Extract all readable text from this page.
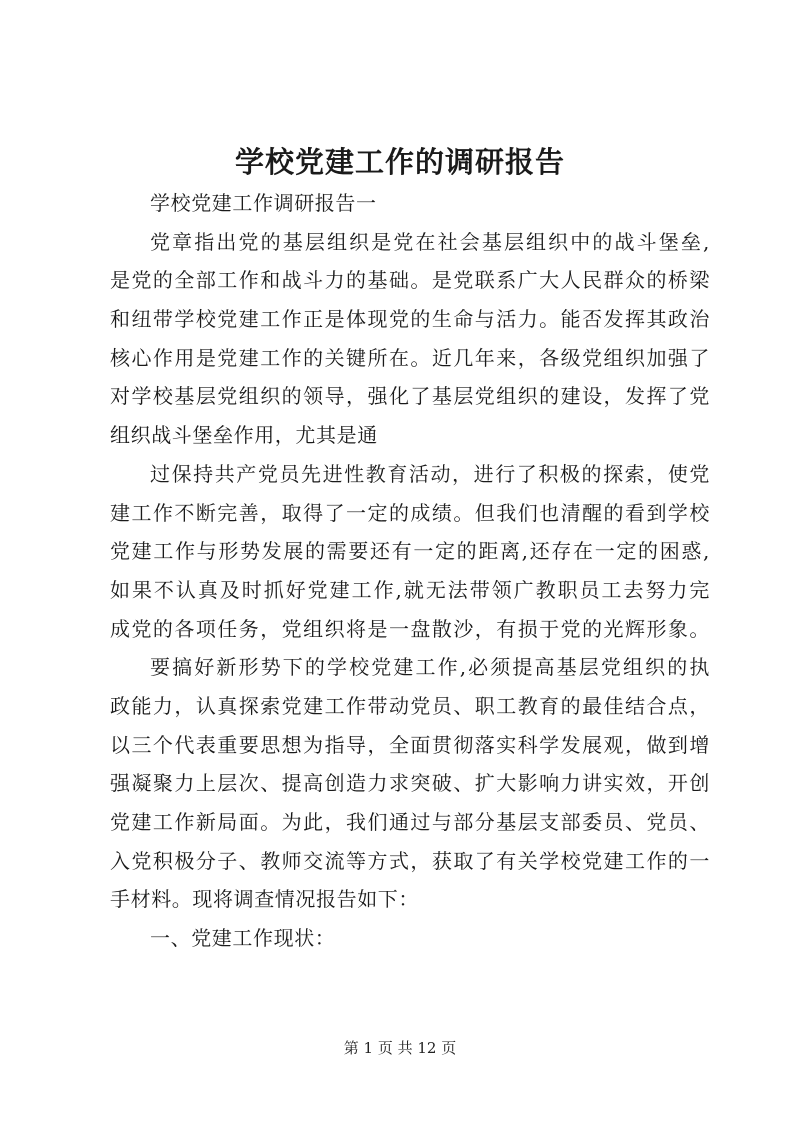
学校党建工作的调研报告
学校党建工作调研报告一
党章指出党的基层组织是党在社会基层组织中的战斗堡垒,
是党的全部工作和战斗力的基础。是党联系广大人民群众的桥梁
和纽带学校党建工作正是体现党的生命与活力。能否发挥其政治
核心作用是党建工作的关键所在。近几年来，各级党组织加强了
对学校基层党组织的领导，强化了基层党组织的建设，发挥了党
组织战斗堡垒作用，尤其是通
过保持共产党员先进性教育活动，进行了积极的探索，使党
建工作不断完善，取得了一定的成绩。但我们也清醒的看到学校
党建工作与形势发展的需要还有一定的距离,还存在一定的困惑,
如果不认真及时抓好党建工作,就无法带领广教职员工去努力完
成党的各项任务，党组织将是一盘散沙，有损于党的光辉形象。
要搞好新形势下的学校党建工作,必须提高基层党组织的执
政能力，认真探索党建工作带动党员、职工教育的最佳结合点，
以三个代表重要思想为指导，全面贯彻落实科学发展观，做到增
强凝聚力上层次、提高创造力求突破、扩大影响力讲实效，开创
党建工作新局面。为此，我们通过与部分基层支部委员、党员、
入党积极分子、教师交流等方式，获取了有关学校党建工作的一
手材料。现将调查情况报告如下：
一、党建工作现状：
第 1 页 共 12 页
